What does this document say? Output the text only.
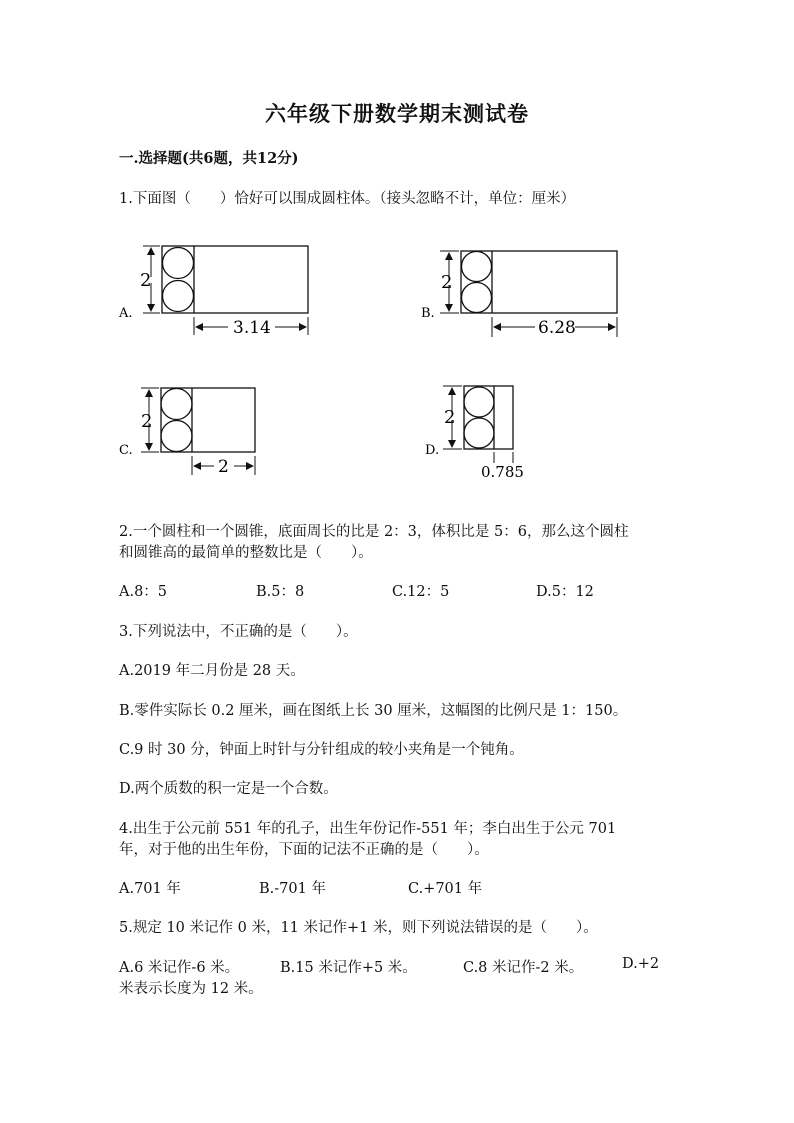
六年级下册数学期末测试卷
一.选择题(共6题，共12分)
1.下面图（　　）恰好可以围成圆柱体。（接头忽略不计，单位：厘米）
2
A.
3.14
2
B.
6.28
2
C.
2
2
D.
0.785
2.一个圆柱和一个圆锥，底面周长的比是 2：3，体积比是 5：6，那么这个圆柱
和圆锥高的最简单的整数比是（　　）。
A.8：5	B.5：8	C.12：5	D.5：12
3.下列说法中，不正确的是（　　）。
A.2019 年二月份是 28 天。
B.零件实际长 0.2 厘米，画在图纸上长 30 厘米，这幅图的比例尺是 1：150。
C.9 时 30 分，钟面上时针与分针组成的较小夹角是一个钝角。
D.两个质数的积一定是一个合数。
4.出生于公元前 551 年的孔子，出生年份记作-551 年；李白出生于公元 701
年，对于他的出生年份，下面的记法不正确的是（　　）。
A.701 年	B.-701 年	C.+701 年
5.规定 10 米记作 0 米，11 米记作+1 米，则下列说法错误的是（　　）。
A.6 米记作-6 米。	B.15 米记作+5 米。	C.8 米记作-2 米。	D.+2
米表示长度为 12 米。
